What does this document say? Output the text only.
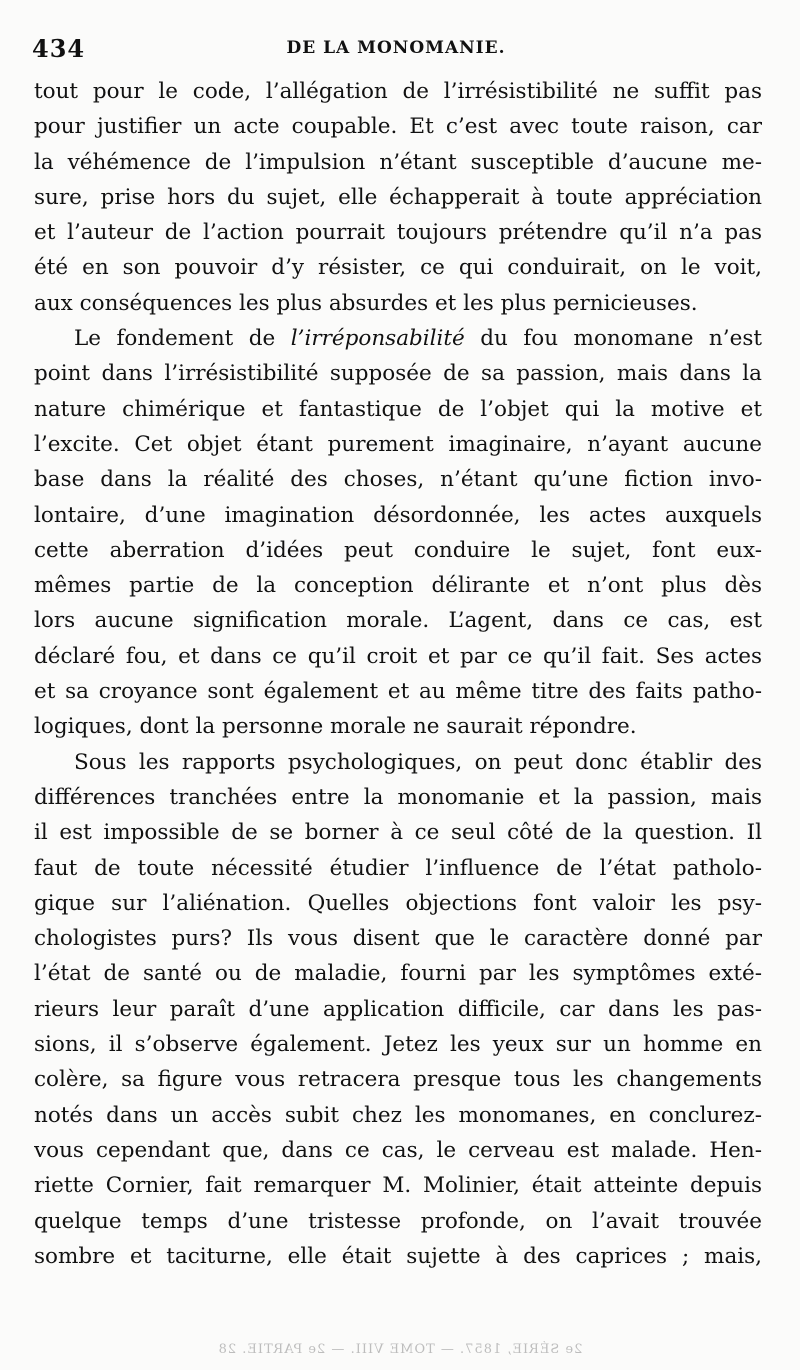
434	DE LA MONOMANIE.
tout pour le code, l’allégation de l’irrésistibilité ne suffit pas
pour justifier un acte coupable. Et c’est avec toute raison, car
la véhémence de l’impulsion n’étant susceptible d’aucune me-
sure, prise hors du sujet, elle échapperait à toute appréciation
et l’auteur de l’action pourrait toujours prétendre qu’il n’a pas
été en son pouvoir d’y résister, ce qui conduirait, on le voit,
aux conséquences les plus absurdes et les plus pernicieuses.
Le fondement de l’irréponsabilité du fou monomane n’est
point dans l’irrésistibilité supposée de sa passion, mais dans la
nature chimérique et fantastique de l’objet qui la motive et
l’excite. Cet objet étant purement imaginaire, n’ayant aucune
base dans la réalité des choses, n’étant qu’une fiction invo-
lontaire, d’une imagination désordonnée, les actes auxquels
cette aberration d’idées peut conduire le sujet, font eux-
mêmes partie de la conception délirante et n’ont plus dès
lors aucune signification morale. L’agent, dans ce cas, est
déclaré fou, et dans ce qu’il croit et par ce qu’il fait. Ses actes
et sa croyance sont également et au même titre des faits patho-
logiques, dont la personne morale ne saurait répondre.
Sous les rapports psychologiques, on peut donc établir des
différences tranchées entre la monomanie et la passion, mais
il est impossible de se borner à ce seul côté de la question. Il
faut de toute nécessité étudier l’influence de l’état patholo-
gique sur l’aliénation. Quelles objections font valoir les psy-
chologistes purs? Ils vous disent que le caractère donné par
l’état de santé ou de maladie, fourni par les symptômes exté-
rieurs leur paraît d’une application difficile, car dans les pas-
sions, il s’observe également. Jetez les yeux sur un homme en
colère, sa figure vous retracera presque tous les changements
notés dans un accès subit chez les monomanes, en conclurez-
vous cependant que, dans ce cas, le cerveau est malade. Hen-
riette Cornier, fait remarquer M. Molinier, était atteinte depuis
quelque temps d’une tristesse profonde, on l’avait trouvée
sombre et taciturne, elle était sujette à des caprices ; mais,
2e SÉRIE, 1857. — TOME VIII. — 2e PARTIE. 28
